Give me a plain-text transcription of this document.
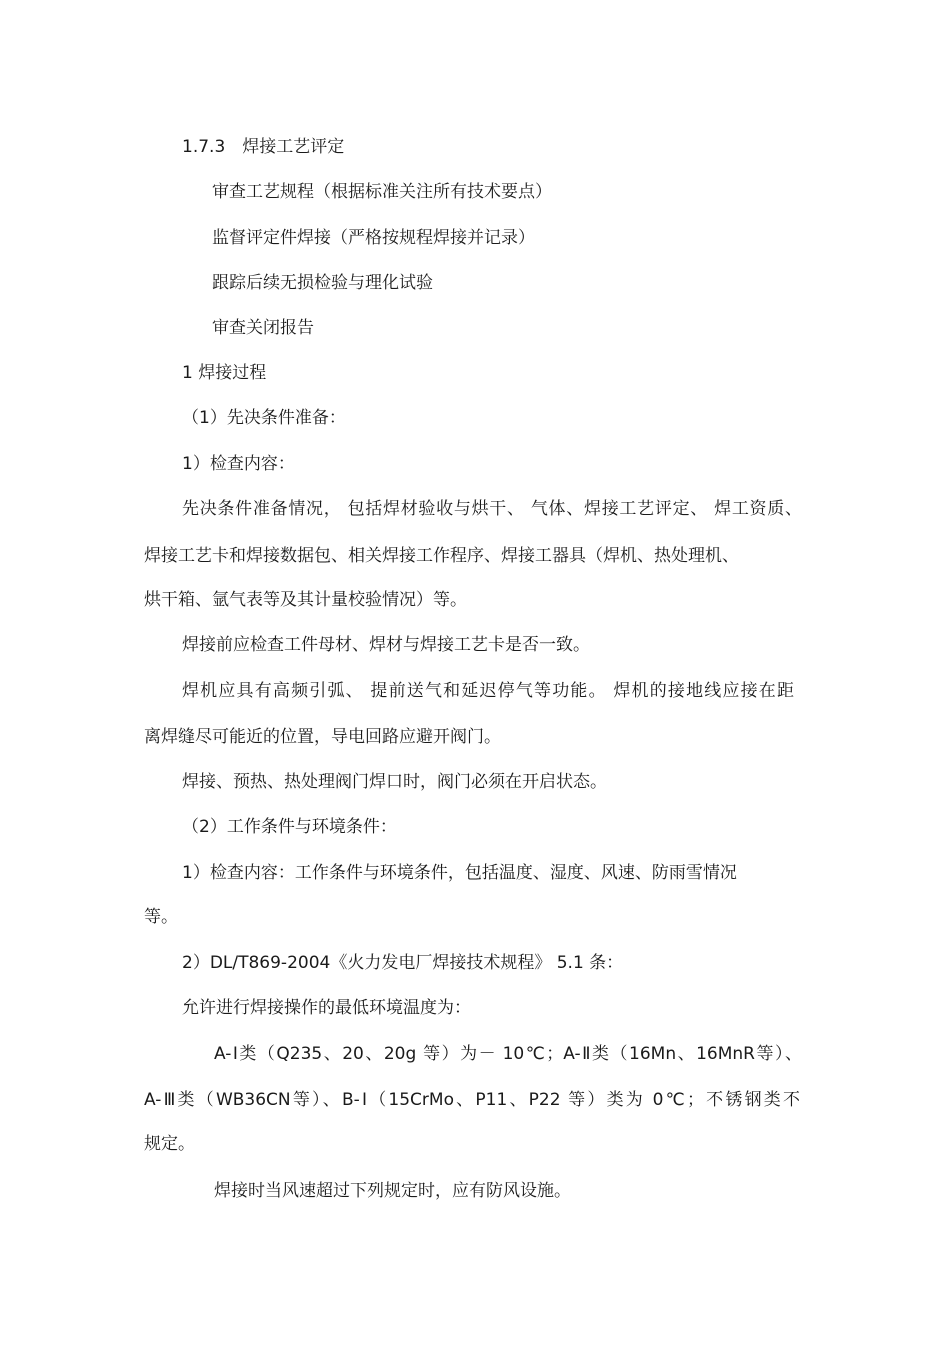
1.7.3　焊接工艺评定

审查工艺规程（根据标准关注所有技术要点）

监督评定件焊接（严格按规程焊接并记录）

跟踪后续无损检验与理化试验

审查关闭报告

1 焊接过程

（1）先决条件准备：

1）检查内容：

先决条件准备情况， 包括焊材验收与烘干、 气体、焊接工艺评定、 焊工资质、

焊接工艺卡和焊接数据包、相关焊接工作程序、焊接工器具（焊机、热处理机、

烘干箱、氩气表等及其计量校验情况）等。

焊接前应检查工件母材、焊材与焊接工艺卡是否一致。

焊机应具有高频引弧、 提前送气和延迟停气等功能。 焊机的接地线应接在距

离焊缝尽可能近的位置，导电回路应避开阀门。

焊接、预热、热处理阀门焊口时，阀门必须在开启状态。

（2）工作条件与环境条件：

1）检查内容：工作条件与环境条件，包括温度、湿度、风速、防雨雪情况

等。

2）DL/T869-2004《火力发电厂焊接技术规程》 5.1 条：

允许进行焊接操作的最低环境温度为：

A-Ⅰ类（Q235、20、20g 等）为－ 10℃；A-Ⅱ类（16Mn、16MnR等）、

A-Ⅲ类（WB36CN等）、B-Ⅰ（15CrMo、P11、P22 等）类为 0℃；不锈钢类不

规定。

焊接时当风速超过下列规定时，应有防风设施。
